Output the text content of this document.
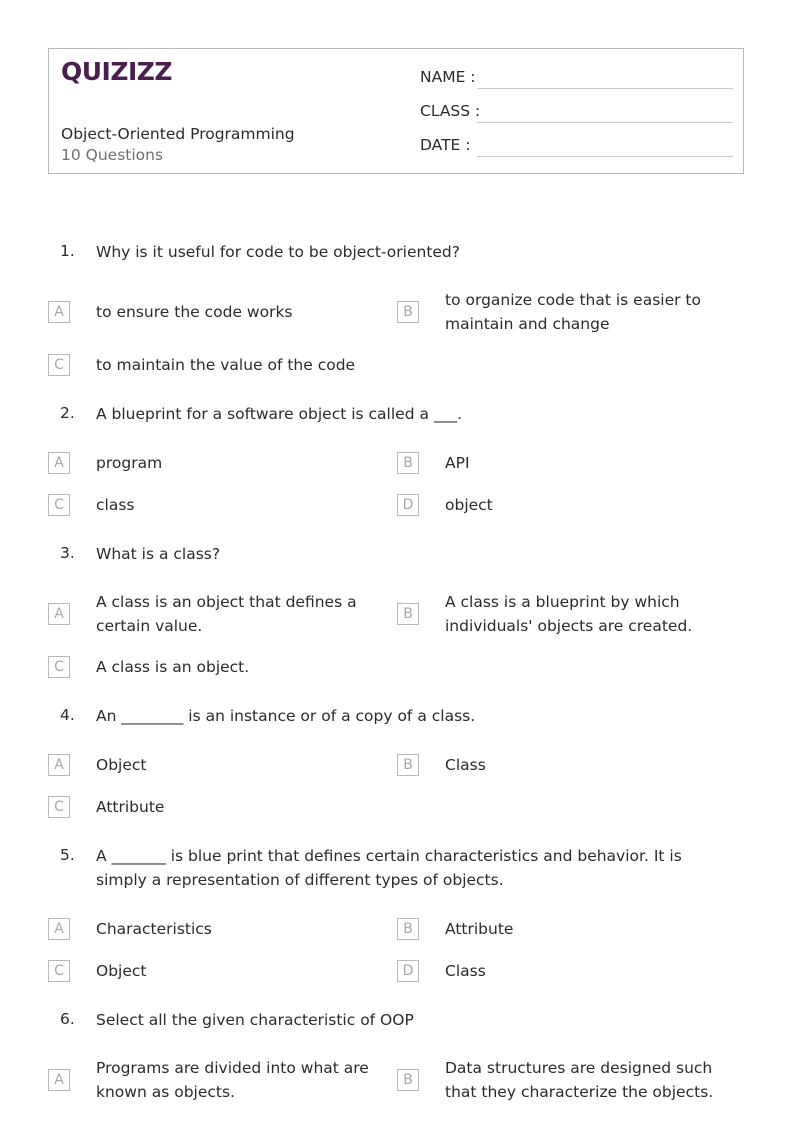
QUIZIZZ
Object-Oriented Programming
10 Questions
NAME :
CLASS :
DATE :
1. Why is it useful for code to be object-oriented?
A	to ensure the code works	B
to organize code that is easier to maintain and change
C	to maintain the value of the code
2. A blueprint for a software object is called a ___.
A	program	B	API
C	class	D	object
3. What is a class?
A
A class is an object that defines a certain value.
B
A class is a blueprint by which individuals' objects are created.
C	A class is an object.
4. An ________ is an instance or of a copy of a class.
A	Object	B	Class
C	Attribute
5. A _______ is blue print that defines certain characteristics and behavior. It is simply a representation of different types of objects.
A	Characteristics	B	Attribute
C	Object	D	Class
6. Select all the given characteristic of OOP
A
Programs are divided into what are known as objects.
B
Data structures are designed such that they characterize the objects.
